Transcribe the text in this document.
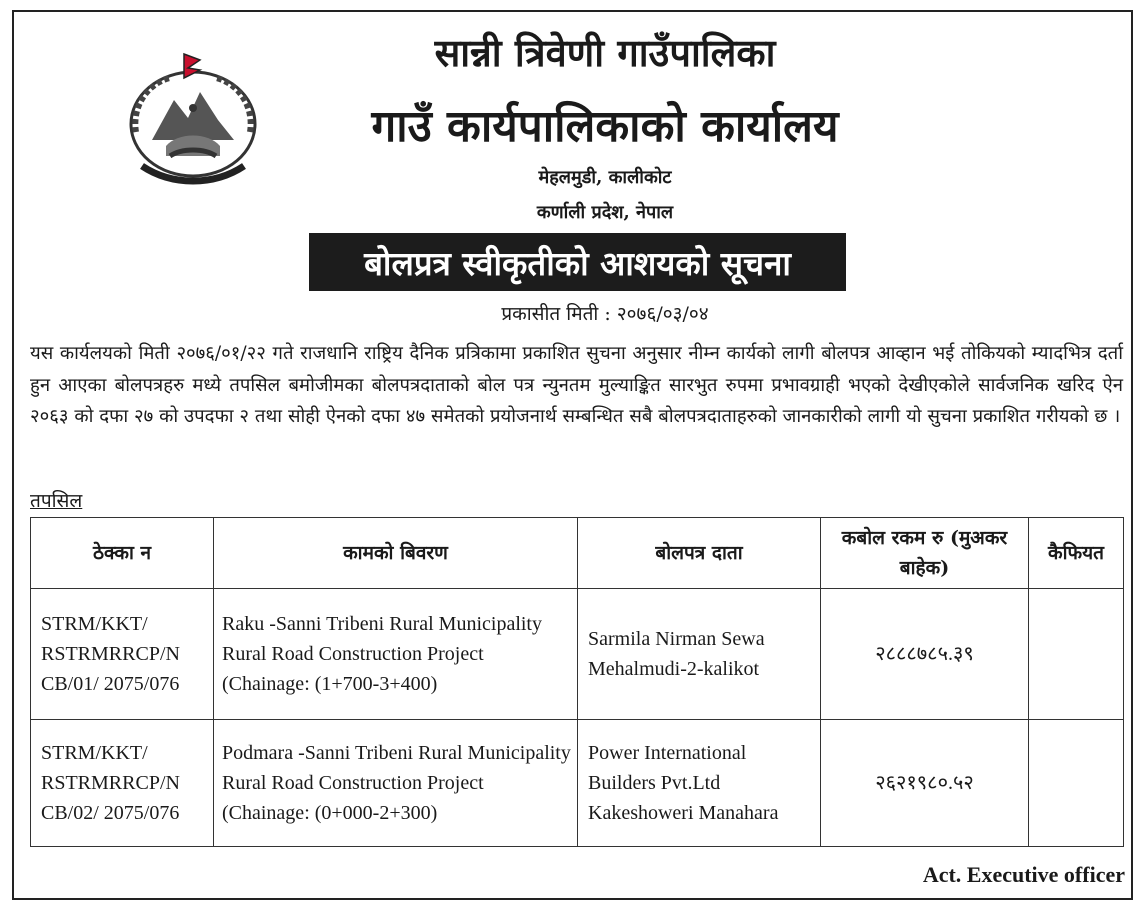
सान्नी त्रिवेणी गाउँपालिका
गाउँ कार्यपालिकाको कार्यालय
मेहलमुडी, कालीकोट
कर्णाली प्रदेश, नेपाल
बोलप्रत्र स्वीकृतीको आशयको सूचना
प्रकासीत मिती : २०७६/०३/०४

यस कार्यलयको मिती २०७६/०१/२२ गते राजधानि राष्ट्रिय दैनिक प्रत्रिकामा प्रकाशित सुचना अनुसार नीम्न कार्यको लागी बोलपत्र आव्हान भई तोकियको म्यादभित्र दर्ता हुन आएका बोलपत्रहरु मध्ये तपसिल बमोजीमका बोलपत्रदाताको बोल पत्र न्युनतम मुल्याङ्कित सारभुत रुपमा प्रभावग्राही भएको देखीएकोले सार्वजनिक खरिद ऐन २०६३ को दफा २७ को उपदफा २ तथा सोही ऐनको दफा ४७ समेतको प्रयोजनार्थ सम्बन्धित सबै बोलपत्रदाताहरुको जानकारीको लागी यो सुचना प्रकाशित गरीयको छ ।

तपसिल
ठेक्का न	कामको बिवरण	बोलपत्र दाता	कबोल रकम रु (मुअकर बाहेक)	कैफियत
STRM/KKT/ RSTRMRRCP/N CB/01/ 2075/076	Raku -Sanni Tribeni Rural Municipality Rural Road Construction Project (Chainage: (1+700-3+400)	Sarmila Nirman Sewa Mehalmudi-2-kalikot	२८८८७८५.३९	
STRM/KKT/ RSTRMRRCP/N CB/02/ 2075/076	Podmara -Sanni Tribeni Rural Municipality Rural Road Construction Project (Chainage: (0+000-2+300)	Power International Builders Pvt.Ltd Kakeshoweri Manahara	२६२१९८०.५२	
Act. Executive officer
